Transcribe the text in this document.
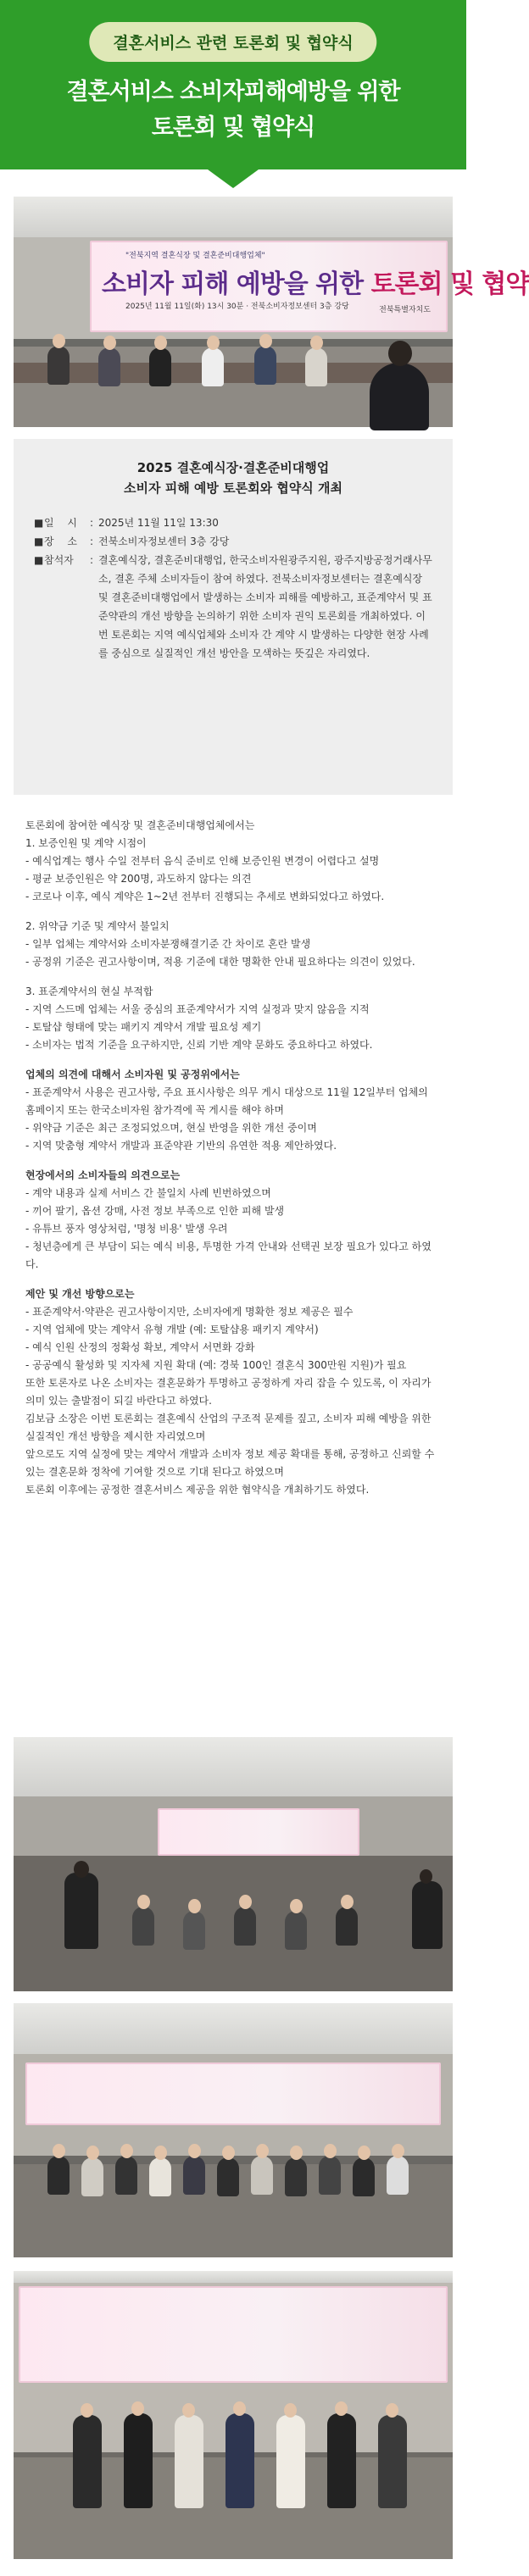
결혼서비스 관련 토론회 및 협약식
결혼서비스 소비자피해예방을 위한
토론회 및 협약식
"전북지역 결혼식장 및 결혼준비대행업체"
소비자 피해 예방을 위한 토론회 및 협약
2025년 11월 11일(화) 13시 30분 · 전북소비자정보센터 3층 강당	전북특별자치도
2025 결혼예식장·결혼준비대행업
소비자 피해 예방 토론회와 협약식 개최
■ 일 시 : 2025년 11월 11일 13:30
■ 장 소 : 전북소비자정보센터 3층 강당
■ 참석자	: 결혼예식장, 결혼준비대행업, 한국소비자원광주지원, 광주지방공정거래사무소, 결혼 주체 소비자들이 참여 하였다. 전북소비자정보센터는 결혼예식장 및 결혼준비대행업에서 발생하는 소비자 피해를 예방하고, 표준계약서 및 표준약관의 개선 방향을 논의하기 위한 소비자 권익 토론회를 개최하였다. 이번 토론회는 지역 예식업체와 소비자 간 계약 시 발생하는 다양한 현장 사례를 중심으로 실질적인 개선 방안을 모색하는 뜻깊은 자리였다.

토론회에 참여한 예식장 및 결혼준비대행업체에서는

1. 보증인원 및 계약 시점이

- 예식업계는 행사 수일 전부터 음식 준비로 인해 보증인원 변경이 어렵다고 설명

- 평균 보증인원은 약 200명, 과도하지 않다는 의견

- 코로나 이후, 예식 계약은 1~2년 전부터 진행되는 추세로 변화되었다고 하였다.

2. 위약금 기준 및 계약서 불일치

- 일부 업체는 계약서와 소비자분쟁해결기준 간 차이로 혼란 발생

- 공정위 기준은 권고사항이며, 적용 기준에 대한 명확한 안내 필요하다는 의견이 있었다.

3. 표준계약서의 현실 부적합

- 지역 스드메 업체는 서울 중심의 표준계약서가 지역 실정과 맞지 않음을 지적

- 토탈샵 형태에 맞는 패키지 계약서 개발 필요성 제기

- 소비자는 법적 기준을 요구하지만, 신뢰 기반 계약 문화도 중요하다고 하였다.

업체의 의견에 대해서 소비자원 및 공정위에서는

- 표준계약서 사용은 권고사항, 주요 표시사항은 의무 게시 대상으로 11월 12일부터 업체의 홈페이지 또는 한국소비자원 참가격에 꼭 게시를 해야 하며

- 위약금 기준은 최근 조정되었으며, 현실 반영을 위한 개선 중이며

- 지역 맞춤형 계약서 개발과 표준약관 기반의 유연한 적용 제안하였다.

현장에서의 소비자들의 의견으로는

- 계약 내용과 실제 서비스 간 불일치 사례 빈번하였으며

- 끼어 팔기, 옵션 강매, 사전 정보 부족으로 인한 피해 발생

- 유튜브 풍자 영상처럼, '명청 비용' 발생 우려

- 청년층에게 큰 부담이 되는 예식 비용, 투명한 가격 안내와 선택권 보장 필요가 있다고 하였다.

제안 및 개선 방향으로는

- 표준계약서·약관은 권고사항이지만, 소비자에게 명확한 정보 제공은 필수

- 지역 업체에 맞는 계약서 유형 개발 (예: 토탈샵용 패키지 계약서)

- 예식 인원 산정의 정확성 확보, 계약서 서면화 강화

- 공공예식 활성화 및 지자체 지원 확대 (예: 경북 100인 결혼식 300만원 지원)가 필요

또한 토론자로 나온 소비자는 결혼문화가 투명하고 공정하게 자리 잡을 수 있도록, 이 자리가 의미 있는 출발점이 되길 바란다고 하였다.

김보금 소장은 이번 토론회는 결혼예식 산업의 구조적 문제를 짚고, 소비자 피해 예방을 위한 실질적인 개선 방향을 제시한 자리였으며

앞으로도 지역 실정에 맞는 계약서 개발과 소비자 정보 제공 확대를 통해, 공정하고 신뢰할 수 있는 결혼문화 정착에 기여할 것으로 기대 된다고 하였으며

토론회 이후에는 공정한 결혼서비스 제공을 위한 협약식을 개최하기도 하였다.
